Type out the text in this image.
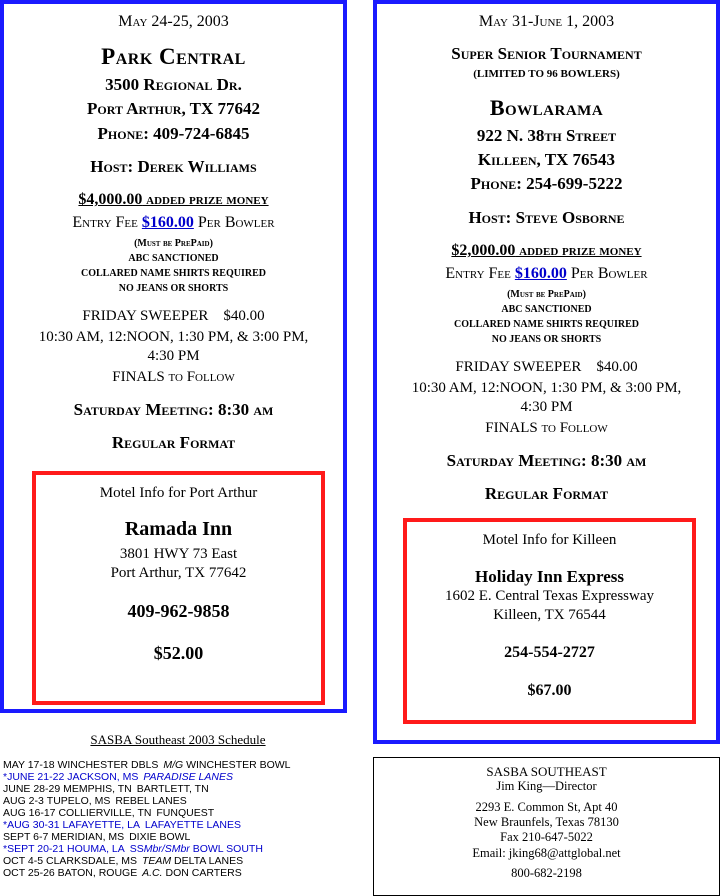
May 24-25, 2003
Park Central
3500 Regional Dr.
Port Arthur, TX 77642
Phone: 409-724-6845
Host: Derek Williams
$4,000.00 added prize money
Entry Fee $160.00 Per Bowler
(Must be PrePaid)
ABC SANCTIONED
COLLARED NAME SHIRTS REQUIRED
NO JEANS OR SHORTS
FRIDAY SWEEPER    $40.00
10:30 AM, 12:NOON, 1:30 PM, & 3:00 PM,
4:30 PM
FINALS to Follow
Saturday Meeting: 8:30 am
Regular Format
Motel Info for Port Arthur
Ramada Inn
3801 HWY 73 East
Port Arthur, TX 77642
409-962-9858
$52.00
May 31-June 1, 2003
Super Senior Tournament
(LIMITED TO 96 BOWLERS)
Bowlarama
922 N. 38th Street
Killeen, TX 76543
Phone: 254-699-5222
Host: Steve Osborne
$2,000.00 added prize money
Entry Fee $160.00 Per Bowler
(Must be PrePaid)
ABC SANCTIONED
COLLARED NAME SHIRTS REQUIRED
NO JEANS OR SHORTS
FRIDAY SWEEPER    $40.00
10:30 AM, 12:NOON, 1:30 PM, & 3:00 PM,
4:30 PM
FINALS to Follow
Saturday Meeting: 8:30 am
Regular Format
Motel Info for Killeen
Holiday Inn Express
1602 E. Central Texas Expressway
Killeen, TX 76544
254-554-2727
$67.00
SASBA Southeast 2003 Schedule
MAY 17-18 WINCHESTER DBLS M/G WINCHESTER BOWL
*JUNE 21-22 JACKSON, MS PARADISE LANES
JUNE 28-29 MEMPHIS, TN BARTLETT, TN
AUG 2-3 TUPELO, MS REBEL LANES
AUG 16-17 COLLIERVILLE, TN FUNQUEST
*AUG 30-31 LAFAYETTE, LA LAFAYETTE LANES
SEPT 6-7 MERIDIAN, MS DIXIE BOWL
*SEPT 20-21 HOUMA, LA SSMbr/SMbr BOWL SOUTH
OCT 4-5 CLARKSDALE, MS TEAM DELTA LANES
OCT 25-26 BATON, ROUGE A.C. DON CARTERS
SASBA SOUTHEAST
Jim King—Director
2293 E. Common St, Apt 40
New Braunfels, Texas 78130
Fax 210-647-5022
Email: jking68@attglobal.net
800-682-2198
